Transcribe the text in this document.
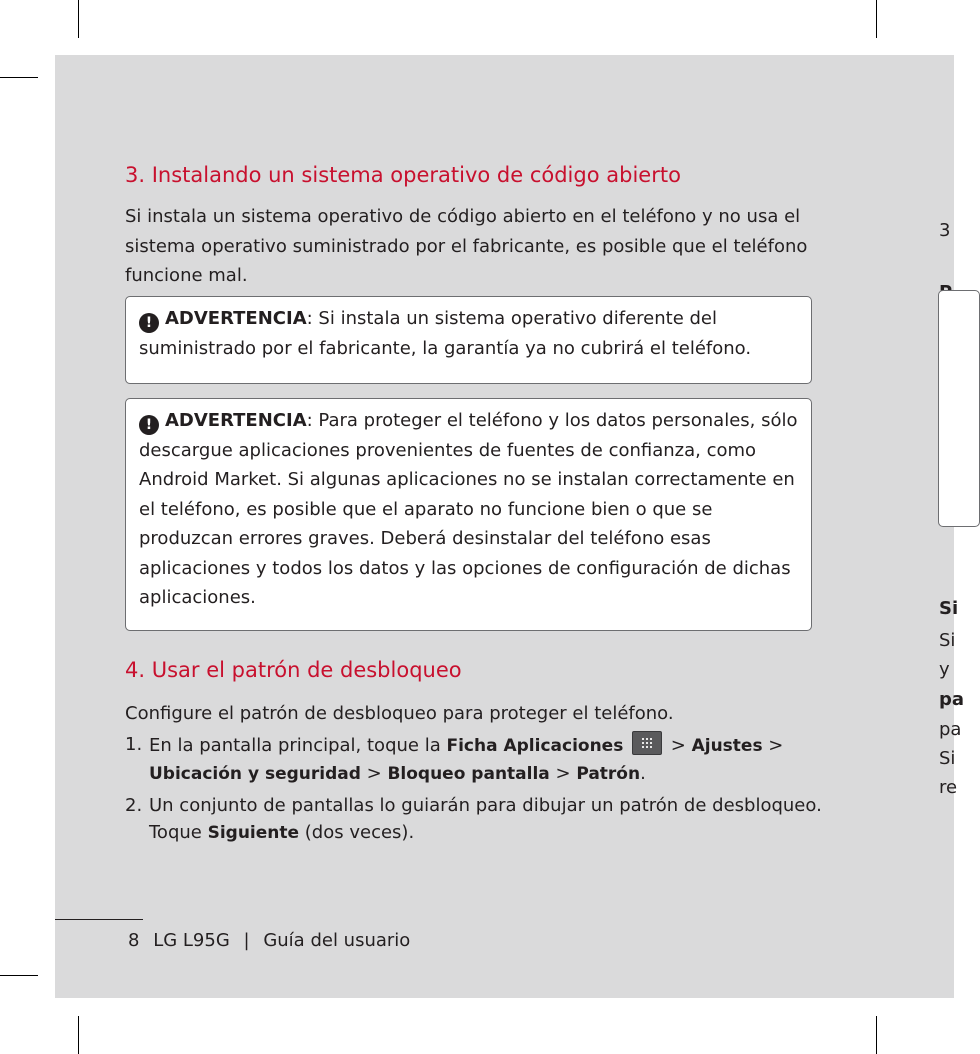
3
Si
Si
y
pa
pa
Si
re
3. Instalando un sistema operativo de código abierto

Si instala un sistema operativo de código abierto en el teléfono y no usa el sistema operativo suministrado por el fabricante, es posible que el teléfono funcione mal.

! ADVERTENCIA: Si instala un sistema operativo diferente del suministrado por el fabricante, la garantía ya no cubrirá el teléfono.
! ADVERTENCIA: Para proteger el teléfono y los datos personales, sólo descargue aplicaciones provenientes de fuentes de confianza, como Android Market. Si algunas aplicaciones no se instalan correctamente en el teléfono, es posible que el aparato no funcione bien o que se produzcan errores graves. Deberá desinstalar del teléfono esas aplicaciones y todos los datos y las opciones de configuración de dichas aplicaciones.
4. Usar el patrón de desbloqueo

Configure el patrón de desbloqueo para proteger el teléfono.

1. En la pantalla principal, toque la Ficha Aplicaciones
> Ajustes > Ubicación y seguridad > Bloqueo pantalla > Patrón.
2. Un conjunto de pantallas lo guiarán para dibujar un patrón de desbloqueo. Toque Siguiente (dos veces).
8 LG L95G | Guía del usuario
